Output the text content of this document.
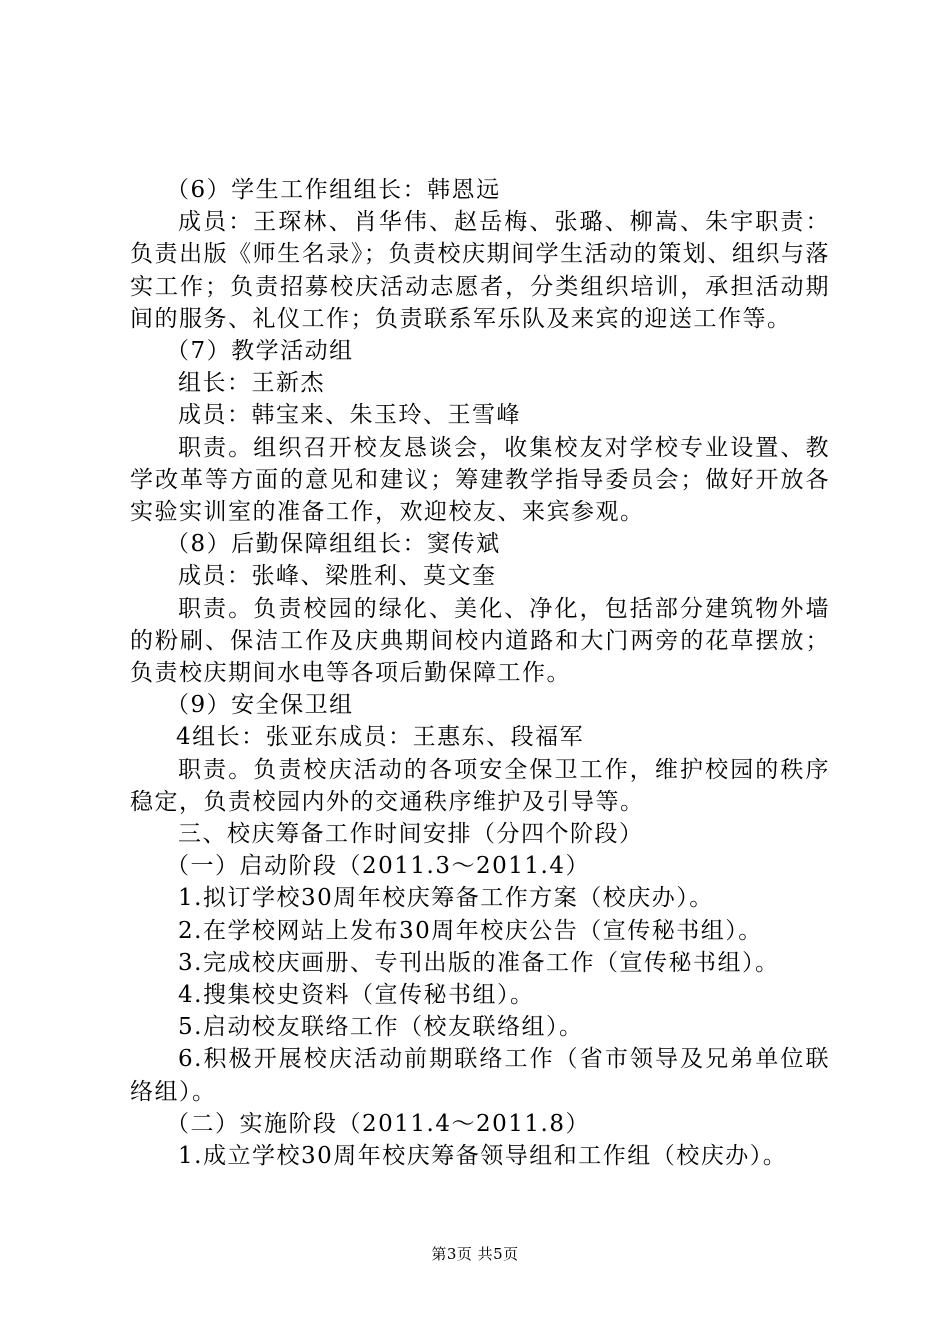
（6）学生工作组组长：韩恩远

成员：王琛林、肖华伟、赵岳梅、张璐、柳嵩、朱宇职责：负责出版《师生名录》；负责校庆期间学生活动的策划、组织与落实工作；负责招募校庆活动志愿者，分类组织培训，承担活动期间的服务、礼仪工作；负责联系军乐队及来宾的迎送工作等。

（7）教学活动组

组长：王新杰

成员：韩宝来、朱玉玲、王雪峰

职责。组织召开校友恳谈会，收集校友对学校专业设置、教学改革等方面的意见和建议；筹建教学指导委员会；做好开放各实验实训室的准备工作，欢迎校友、来宾参观。

（8）后勤保障组组长：窦传斌

成员：张峰、梁胜利、莫文奎

职责。负责校园的绿化、美化、净化，包括部分建筑物外墙的粉刷、保洁工作及庆典期间校内道路和大门两旁的花草摆放；负责校庆期间水电等各项后勤保障工作。

（9）安全保卫组

4组长：张亚东成员：王惠东、段福军

职责。负责校庆活动的各项安全保卫工作，维护校园的秩序稳定，负责校园内外的交通秩序维护及引导等。

三、校庆筹备工作时间安排（分四个阶段）

（一）启动阶段（2011.3～2011.4）

1.拟订学校30周年校庆筹备工作方案（校庆办）。

2.在学校网站上发布30周年校庆公告（宣传秘书组）。

3.完成校庆画册、专刊出版的准备工作（宣传秘书组）。

4.搜集校史资料（宣传秘书组）。

5.启动校友联络工作（校友联络组）。

6.积极开展校庆活动前期联络工作（省市领导及兄弟单位联络组）。

（二）实施阶段（2011.4～2011.8）

1.成立学校30周年校庆筹备领导组和工作组（校庆办）。

第3页 共5页
